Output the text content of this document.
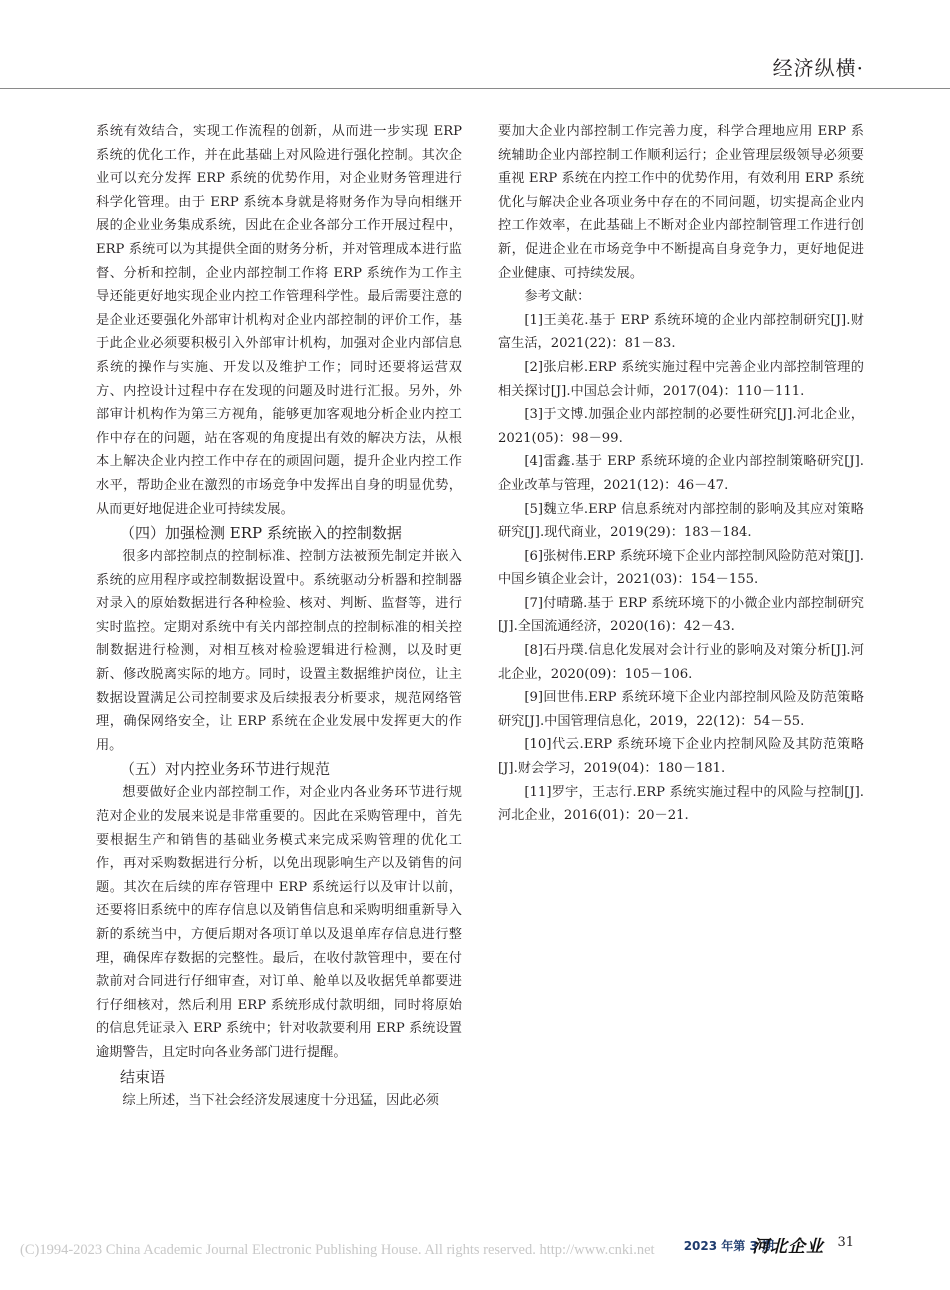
经济纵横·

系统有效结合，实现工作流程的创新，从而进一步实现 ERP 系统的优化工作，并在此基础上对风险进行强化控制。其次企业可以充分发挥 ERP 系统的优势作用，对企业财务管理进行科学化管理。由于 ERP 系统本身就是将财务作为导向相继开展的企业业务集成系统，因此在企业各部分工作开展过程中，ERP 系统可以为其提供全面的财务分析，并对管理成本进行监督、分析和控制，企业内部控制工作将 ERP 系统作为工作主导还能更好地实现企业内控工作管理科学性。最后需要注意的是企业还要强化外部审计机构对企业内部控制的评价工作，基于此企业必须要积极引入外部审计机构，加强对企业内部信息系统的操作与实施、开发以及维护工作；同时还要将运营双方、内控设计过程中存在发现的问题及时进行汇报。另外，外部审计机构作为第三方视角，能够更加客观地分析企业内控工作中存在的问题，站在客观的角度提出有效的解决方法，从根本上解决企业内控工作中存在的顽固问题，提升企业内控工作水平，帮助企业在激烈的市场竞争中发挥出自身的明显优势，从而更好地促进企业可持续发展。

（四）加强检测 ERP 系统嵌入的控制数据

很多内部控制点的控制标准、控制方法被预先制定并嵌入系统的应用程序或控制数据设置中。系统驱动分析器和控制器对录入的原始数据进行各种检验、核对、判断、监督等，进行实时监控。定期对系统中有关内部控制点的控制标准的相关控制数据进行检测，对相互核对检验逻辑进行检测，以及时更新、修改脱离实际的地方。同时，设置主数据维护岗位，让主数据设置满足公司控制要求及后续报表分析要求，规范网络管理，确保网络安全，让 ERP 系统在企业发展中发挥更大的作用。

（五）对内控业务环节进行规范

想要做好企业内部控制工作，对企业内各业务环节进行规范对企业的发展来说是非常重要的。因此在采购管理中，首先要根据生产和销售的基础业务模式来完成采购管理的优化工作，再对采购数据进行分析，以免出现影响生产以及销售的问题。其次在后续的库存管理中 ERP 系统运行以及审计以前，还要将旧系统中的库存信息以及销售信息和采购明细重新导入新的系统当中，方便后期对各项订单以及退单库存信息进行整理，确保库存数据的完整性。最后，在收付款管理中，要在付款前对合同进行仔细审查，对订单、舱单以及收据凭单都要进行仔细核对，然后利用 ERP 系统形成付款明细，同时将原始的信息凭证录入 ERP 系统中；针对收款要利用 ERP 系统设置逾期警告，且定时向各业务部门进行提醒。

结束语

综上所述，当下社会经济发展速度十分迅猛，因此必须

要加大企业内部控制工作完善力度，科学合理地应用 ERP 系统辅助企业内部控制工作顺利运行；企业管理层级领导必须要重视 ERP 系统在内控工作中的优势作用，有效利用 ERP 系统优化与解决企业各项业务中存在的不同问题，切实提高企业内控工作效率，在此基础上不断对企业内部控制管理工作进行创新，促进企业在市场竞争中不断提高自身竞争力，更好地促进企业健康、可持续发展。

参考文献：

[1]王美花.基于 ERP 系统环境的企业内部控制研究[J].财富生活，2021(22)：81－83.

[2]张启彬.ERP 系统实施过程中完善企业内部控制管理的相关探讨[J].中国总会计师，2017(04)：110－111.

[3]于文博.加强企业内部控制的必要性研究[J].河北企业，2021(05)：98－99.

[4]雷鑫.基于 ERP 系统环境的企业内部控制策略研究[J].企业改革与管理，2021(12)：46－47.

[5]魏立华.ERP 信息系统对内部控制的影响及其应对策略研究[J].现代商业，2019(29)：183－184.

[6]张树伟.ERP 系统环境下企业内部控制风险防范对策[J].中国乡镇企业会计，2021(03)：154－155.

[7]付晴璐.基于 ERP 系统环境下的小微企业内部控制研究[J].全国流通经济，2020(16)：42－43.

[8]石丹璞.信息化发展对会计行业的影响及对策分析[J].河北企业，2020(09)：105－106.

[9]回世伟.ERP 系统环境下企业内部控制风险及防范策略研究[J].中国管理信息化，2019，22(12)：54－55.

[10]代云.ERP 系统环境下企业内控制风险及其防范策略[J].财会学习，2019(04)：180－181.

[11]罗宇，王志行.ERP 系统实施过程中的风险与控制[J].河北企业，2016(01)：20－21.

(C)1994-2023 China Academic Journal Electronic Publishing House. All rights reserved. http://www.cnki.net 2023 年第 3 期
河北企业 31
